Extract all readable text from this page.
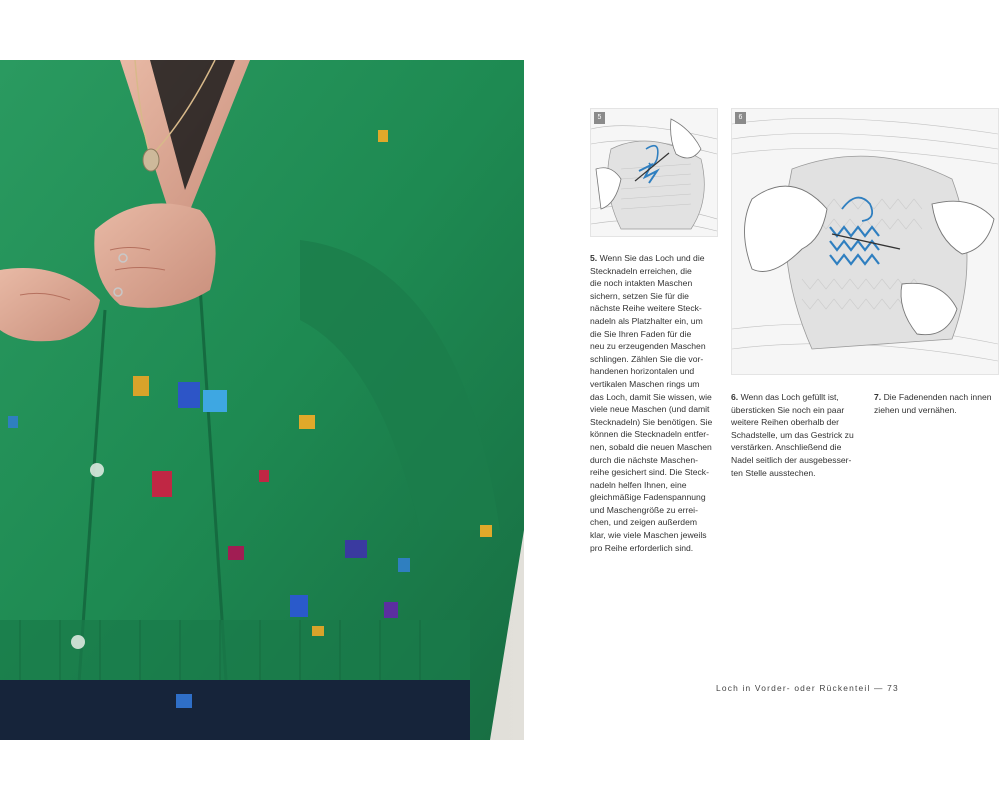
5	6
5. Wenn Sie das Loch und die
Stecknadeln erreichen, die
die noch intakten Maschen
sichern, setzen Sie für die
nächste Reihe weitere Steck-
nadeln als Platzhalter ein, um
die Sie Ihren Faden für die
neu zu erzeugenden Maschen
schlingen. Zählen Sie die vor-
handenen horizontalen und
vertikalen Maschen rings um
das Loch, damit Sie wissen, wie
viele neue Maschen (und damit
Stecknadeln) Sie benötigen. Sie
können die Stecknadeln entfer-
nen, sobald die neuen Maschen
durch die nächste Maschen-
reihe gesichert sind. Die Steck-
nadeln helfen Ihnen, eine
gleichmäßige Fadenspannung
und Maschengröße zu errei-
chen, und zeigen außerdem
klar, wie viele Maschen jeweils
pro Reihe erforderlich sind.
6. Wenn das Loch gefüllt ist,
übersticken Sie noch ein paar
weitere Reihen oberhalb der
Schadstelle, um das Gestrick zu
verstärken. Anschließend die
Nadel seitlich der ausgebesser-
ten Stelle ausstechen.
7. Die Fadenenden nach innen
ziehen und vernähen.
Loch in Vorder- oder Rückenteil — 73
